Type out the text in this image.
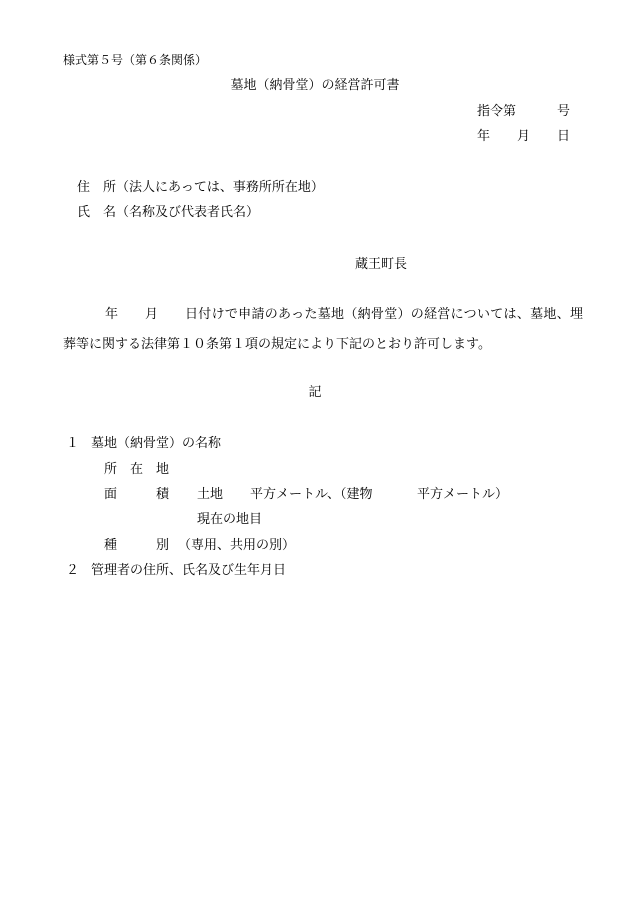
様式第５号（第６条関係）
墓地（納骨堂）の経営許可書
指令第	号
年 月 日
住　所（法人にあっては、事務所所在地）
氏　名（名称及び代表者氏名）
蔵王町長
年 月	日付けで申請のあった墓地（納骨堂）の経営については、墓地、埋葬等に関する法律第１０条第１項の規定により下記のとおり許可します。
記
１ 墓地（納骨堂）の名称
所　在　地
面　　　積 土地 平方メートル、（建物	平方メートル）
現在の地目
種　　　別 （専用、共用の別）
２ 管理者の住所、氏名及び生年月日
